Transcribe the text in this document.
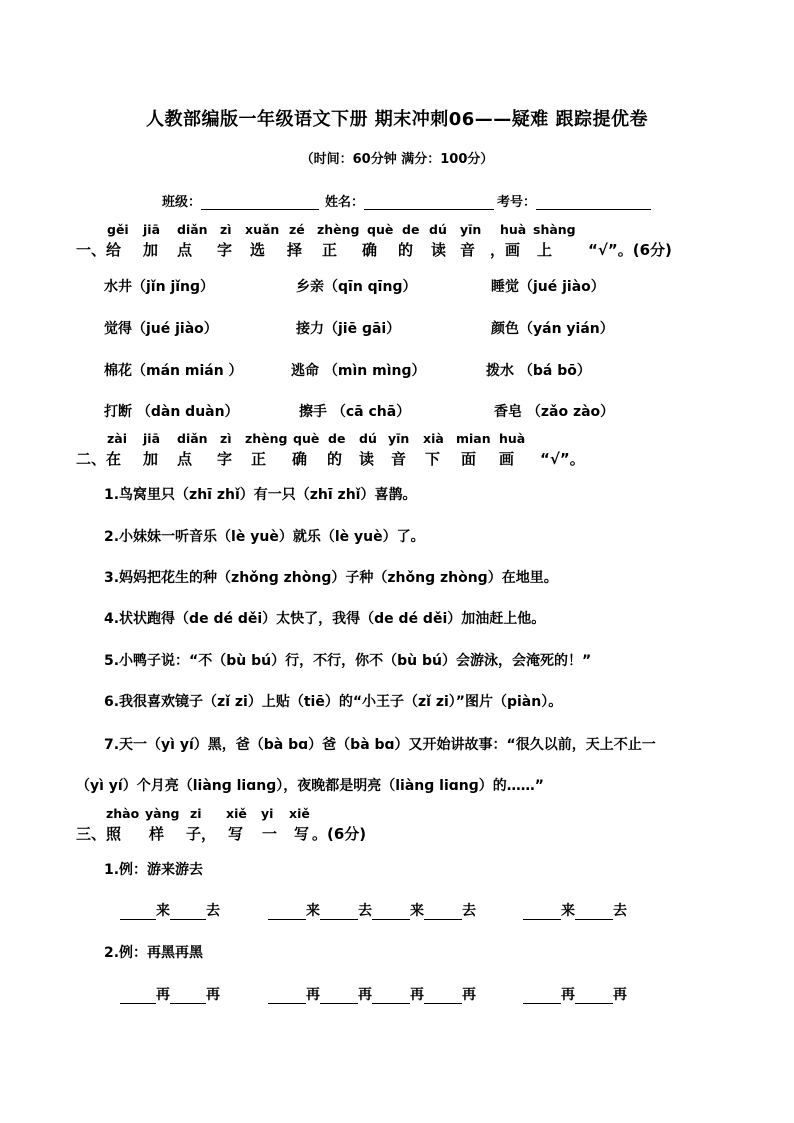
人教部编版一年级语文下册 期末冲刺06——疑难 跟踪提优卷
（时间：60分钟 满分：100分）
班级：	姓名：	考号：
gěi jiā diǎn zì xuǎn zé zhèng què de dú yīn huà shàng
一、给 加 点 字 选 择 正 确 的 读 音 ，画 上 “√”。(6分)
水井（jǐn jǐnɡ）	乡亲（qīn qīnɡ）	睡觉（jué jiào）
觉得（jué jiào）	接力（jiē ɡāi）	颜色（yán yián）
棉花（mán mián ）	逃命 （mìn mìnɡ）	拨水 （bá bō）
打断 （dàn duàn）	擦手 （cā chā）	香皂 （zǎo zào）
zài jiā diǎn zì zhèng què de dú yīn xià mian huà
二、在 加 点 字 正 确 的 读 音 下 面 画 “√”。
1.鸟窝里只（zhī zhǐ）有一只（zhī zhǐ）喜鹊。
2.小妹妹一听音乐（lè yuè）就乐（lè yuè）了。
3.妈妈把花生的种（zhǒnɡ zhònɡ）子种（zhǒnɡ zhònɡ）在地里。
4.状状跑得（de dé děi）太快了，我得（de dé děi）加油赶上他。
5.小鸭子说：“不（bù bú）行，不行，你不（bù bú）会游泳，会淹死的！”
6.我很喜欢镜子（zǐ zi）上贴（tiē）的“小王子（zǐ zi）”图片（piàn）。
7.天一（yì yí）黑，爸（bà bɑ）爸（bà bɑ）又开始讲故事：“很久以前，天上不止一
（yì yí）个月亮（liànɡ liɑnɡ），夜晚都是明亮（liànɡ liɑnɡ）的……”
zhào yàng zi xiě yi xiě
三、照 样 子， 写 一 写 。(6分)
1.例：游来游去
来	去	来	去	来	去	来	去
2.例：再黑再黑
再	再	再	再	再	再	再	再
